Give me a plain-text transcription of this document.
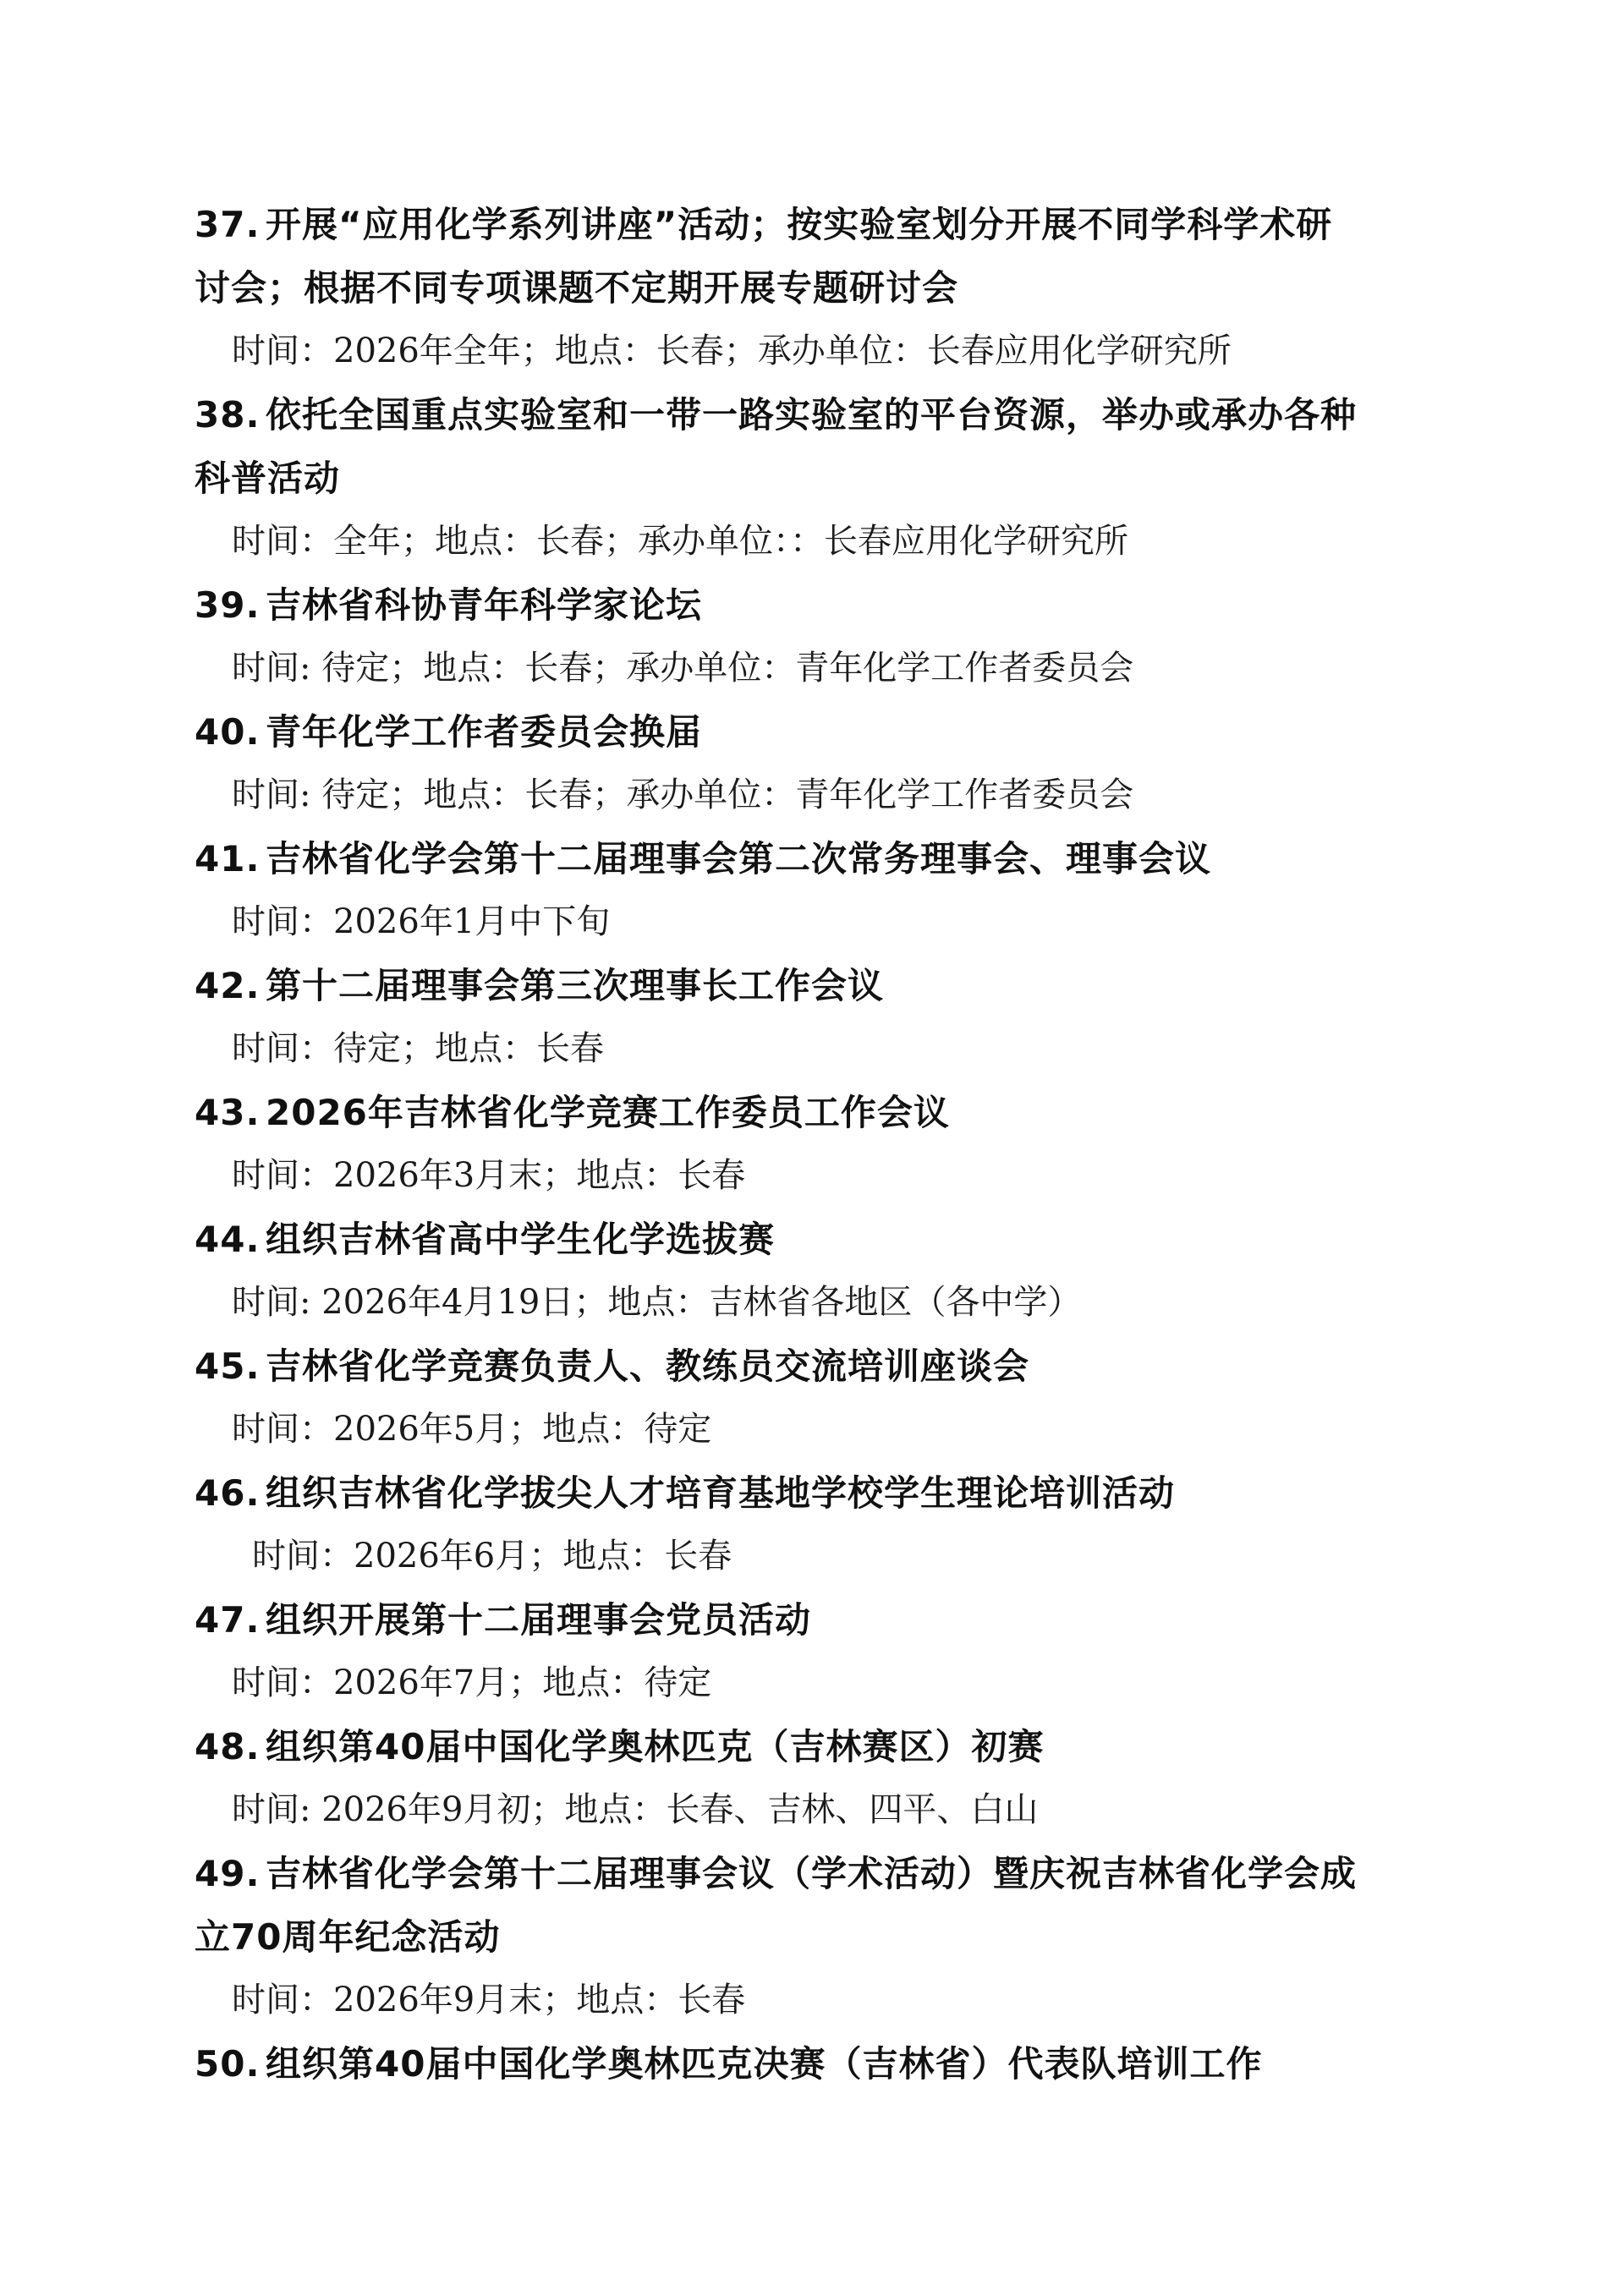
37. 开展“应用化学系列讲座”活动；按实验室划分开展不同学科学术研
讨会；根据不同专项课题不定期开展专题研讨会
时间：2026年全年；地点：长春；承办单位：长春应用化学研究所
38. 依托全国重点实验室和一带一路实验室的平台资源，举办或承办各种
科普活动
时间：全年；地点：长春；承办单位：：长春应用化学研究所
39. 吉林省科协青年科学家论坛
时间: 待定；地点：长春；承办单位：青年化学工作者委员会
40. 青年化学工作者委员会换届
时间: 待定；地点：长春；承办单位：青年化学工作者委员会
41. 吉林省化学会第十二届理事会第二次常务理事会、理事会议
时间：2026年1月中下旬
42. 第十二届理事会第三次理事长工作会议
时间：待定；地点：长春
43. 2026年吉林省化学竞赛工作委员工作会议
时间：2026年3月末；地点：长春
44. 组织吉林省高中学生化学选拔赛
时间: 2026年4月19日；地点：吉林省各地区（各中学）
45. 吉林省化学竞赛负责人、教练员交流培训座谈会
时间：2026年5月；地点：待定
46. 组织吉林省化学拔尖人才培育基地学校学生理论培训活动
时间：2026年6月；地点：长春
47. 组织开展第十二届理事会党员活动
时间：2026年7月；地点：待定
48. 组织第40届中国化学奥林匹克（吉林赛区）初赛
时间: 2026年9月初；地点：长春、吉林、四平、白山
49. 吉林省化学会第十二届理事会议（学术活动）暨庆祝吉林省化学会成
立70周年纪念活动
时间：2026年9月末；地点：长春
50. 组织第40届中国化学奥林匹克决赛（吉林省）代表队培训工作
